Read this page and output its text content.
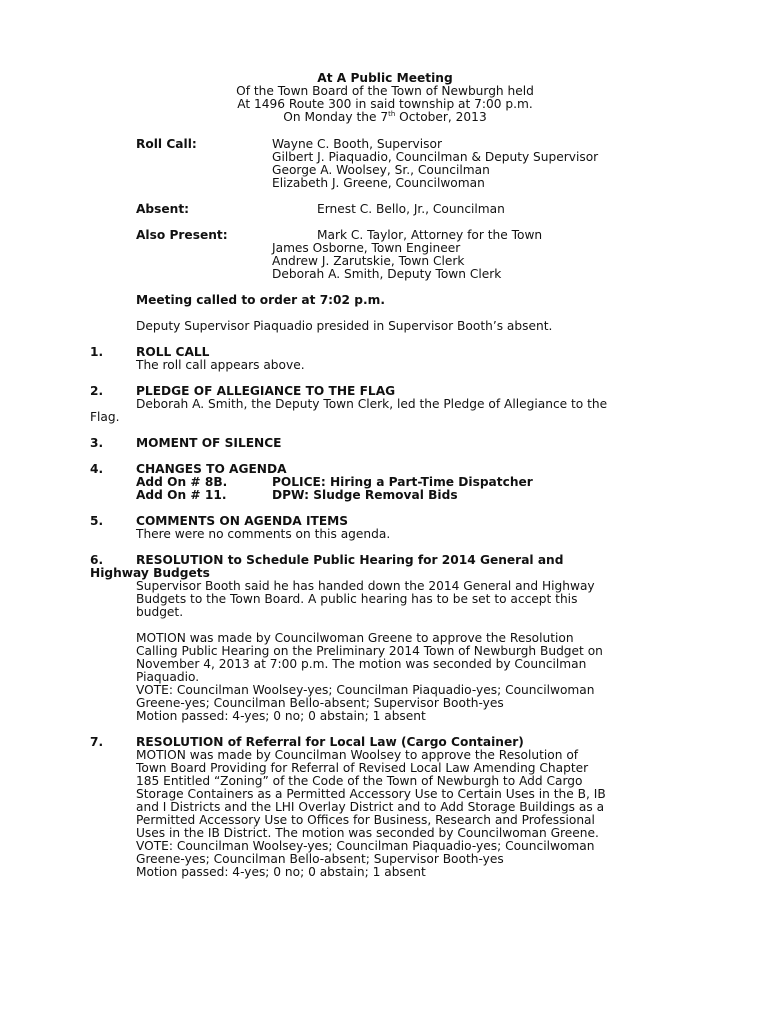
At A Public Meeting
Of the Town Board of the Town of Newburgh held
At 1496 Route 300 in said township at 7:00 p.m.
On Monday the 7th October, 2013
Roll Call:	Wayne C. Booth, Supervisor
Gilbert J. Piaquadio, Councilman & Deputy Supervisor
George A. Woolsey, Sr., Councilman
Elizabeth J. Greene, Councilwoman
Absent:	Ernest C. Bello, Jr., Councilman
Also Present:	Mark C. Taylor, Attorney for the Town
James Osborne, Town Engineer
Andrew J. Zarutskie, Town Clerk
Deborah A. Smith, Deputy Town Clerk
Meeting called to order at 7:02 p.m.
Deputy Supervisor Piaquadio presided in Supervisor Booth’s absent.
1.	ROLL CALL
The roll call appears above.
2.	PLEDGE OF ALLEGIANCE TO THE FLAG
Deborah A. Smith, the Deputy Town Clerk, led the Pledge of Allegiance to the
Flag.
3.	MOMENT OF SILENCE
4.	CHANGES TO AGENDA
Add On # 8B.	POLICE: Hiring a Part-Time Dispatcher
Add On # 11.	DPW: Sludge Removal Bids
5.	COMMENTS ON AGENDA ITEMS
There were no comments on this agenda.
6.	RESOLUTION to Schedule Public Hearing for 2014 General and
Highway Budgets
Supervisor Booth said he has handed down the 2014 General and Highway
Budgets to the Town Board. A public hearing has to be set to accept this
budget.
MOTION was made by Councilwoman Greene to approve the Resolution
Calling Public Hearing on the Preliminary 2014 Town of Newburgh Budget on
November 4, 2013 at 7:00 p.m. The motion was seconded by Councilman
Piaquadio.
VOTE: Councilman Woolsey-yes; Councilman Piaquadio-yes; Councilwoman
Greene-yes; Councilman Bello-absent; Supervisor Booth-yes
Motion passed: 4-yes; 0 no; 0 abstain; 1 absent
7.	RESOLUTION of Referral for Local Law (Cargo Container)
MOTION was made by Councilman Woolsey to approve the Resolution of
Town Board Providing for Referral of Revised Local Law Amending Chapter
185 Entitled “Zoning” of the Code of the Town of Newburgh to Add Cargo
Storage Containers as a Permitted Accessory Use to Certain Uses in the B, IB
and I Districts and the LHI Overlay District and to Add Storage Buildings as a
Permitted Accessory Use to Offices for Business, Research and Professional
Uses in the IB District. The motion was seconded by Councilwoman Greene.
VOTE: Councilman Woolsey-yes; Councilman Piaquadio-yes; Councilwoman
Greene-yes; Councilman Bello-absent; Supervisor Booth-yes
Motion passed: 4-yes; 0 no; 0 abstain; 1 absent
